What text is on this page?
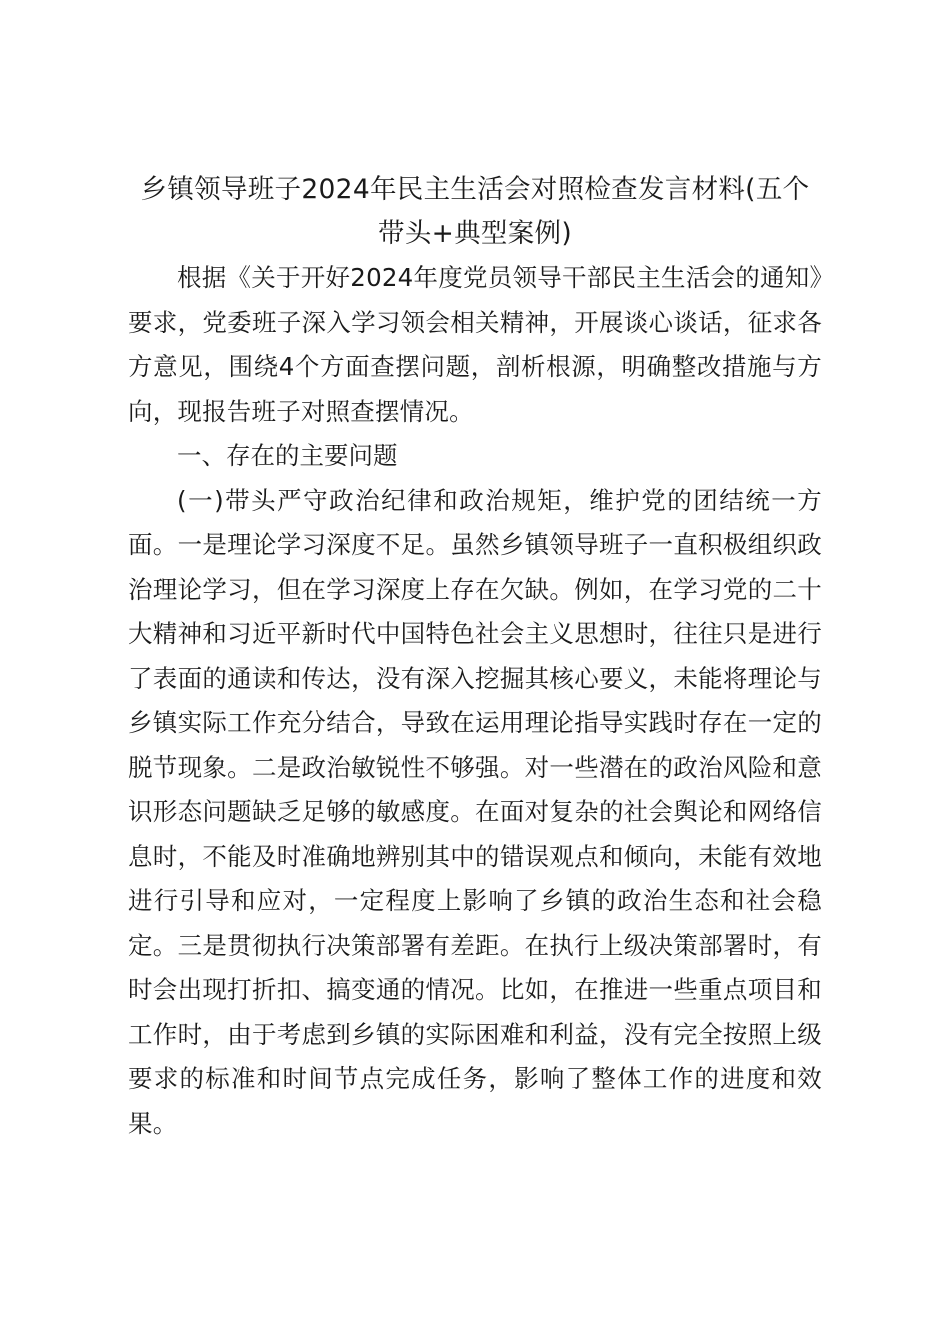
乡镇领导班子2024年民主生活会对照检查发言材料(五个带头+典型案例)

根据《关于开好2024年度党员领导干部民主生活会的通知》要求，党委班子深入学习领会相关精神，开展谈心谈话，征求各方意见，围绕4个方面查摆问题，剖析根源，明确整改措施与方向，现报告班子对照查摆情况。

一、存在的主要问题

(一)带头严守政治纪律和政治规矩，维护党的团结统一方面。一是理论学习深度不足。虽然乡镇领导班子一直积极组织政治理论学习，但在学习深度上存在欠缺。例如，在学习党的二十大精神和习近平新时代中国特色社会主义思想时，往往只是进行了表面的通读和传达，没有深入挖掘其核心要义，未能将理论与乡镇实际工作充分结合，导致在运用理论指导实践时存在一定的脱节现象。二是政治敏锐性不够强。对一些潜在的政治风险和意识形态问题缺乏足够的敏感度。在面对复杂的社会舆论和网络信息时，不能及时准确地辨别其中的错误观点和倾向，未能有效地进行引导和应对，一定程度上影响了乡镇的政治生态和社会稳定。三是贯彻执行决策部署有差距。在执行上级决策部署时，有时会出现打折扣、搞变通的情况。比如，在推进一些重点项目和工作时，由于考虑到乡镇的实际困难和利益，没有完全按照上级要求的标准和时间节点完成任务，影响了整体工作的进度和效果。
